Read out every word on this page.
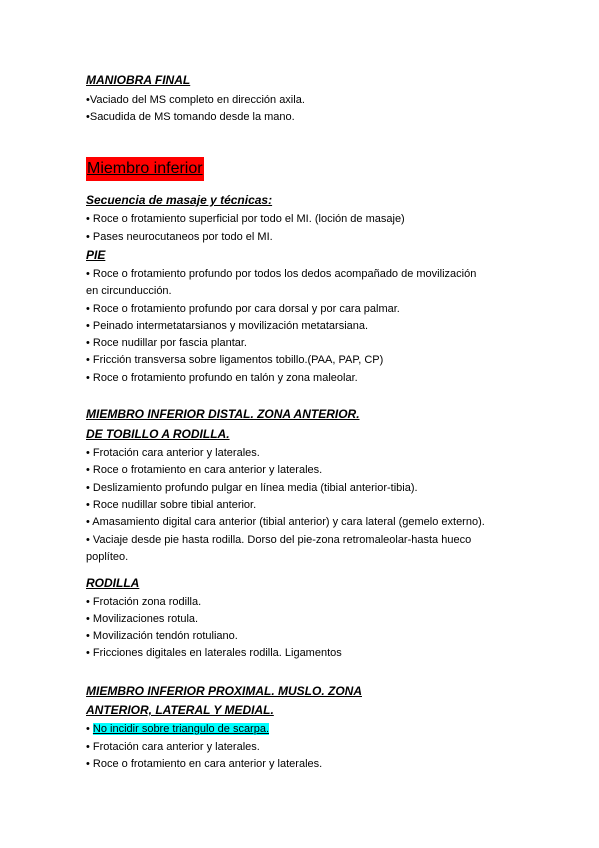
MANIOBRA FINAL
•Vaciado del MS completo en dirección axila.
•Sacudida de MS tomando desde la mano.
Miembro inferior
Secuencia de masaje y técnicas:
• Roce o frotamiento superficial por todo el MI. (loción de masaje)
• Pases neurocutaneos por todo el MI.
PIE
• Roce o frotamiento profundo por todos los dedos acompañado de movilización
en circunducción.
• Roce o frotamiento profundo por cara dorsal y por cara palmar.
• Peinado intermetatarsianos y movilización metatarsiana.
• Roce nudillar por fascia plantar.
• Fricción transversa sobre ligamentos tobillo.(PAA, PAP, CP)
• Roce o frotamiento profundo en talón y zona maleolar.
MIEMBRO INFERIOR DISTAL. ZONA ANTERIOR.
DE TOBILLO A RODILLA.
• Frotación cara anterior y laterales.
• Roce o frotamiento en cara anterior y laterales.
• Deslizamiento profundo pulgar en línea media (tibial anterior-tibia).
• Roce nudillar sobre tibial anterior.
• Amasamiento digital cara anterior (tibial anterior) y cara lateral (gemelo externo).
• Vaciaje desde pie hasta rodilla. Dorso del pie-zona retromaleolar-hasta hueco
poplíteo.
RODILLA
• Frotación zona rodilla.
• Movilizaciones rotula.
• Movilización tendón rotuliano.
• Fricciones digitales en laterales rodilla. Ligamentos
MIEMBRO INFERIOR PROXIMAL. MUSLO. ZONA
ANTERIOR, LATERAL Y MEDIAL.
• No incidir sobre triangulo de scarpa.
• Frotación cara anterior y laterales.
• Roce o frotamiento en cara anterior y laterales.
